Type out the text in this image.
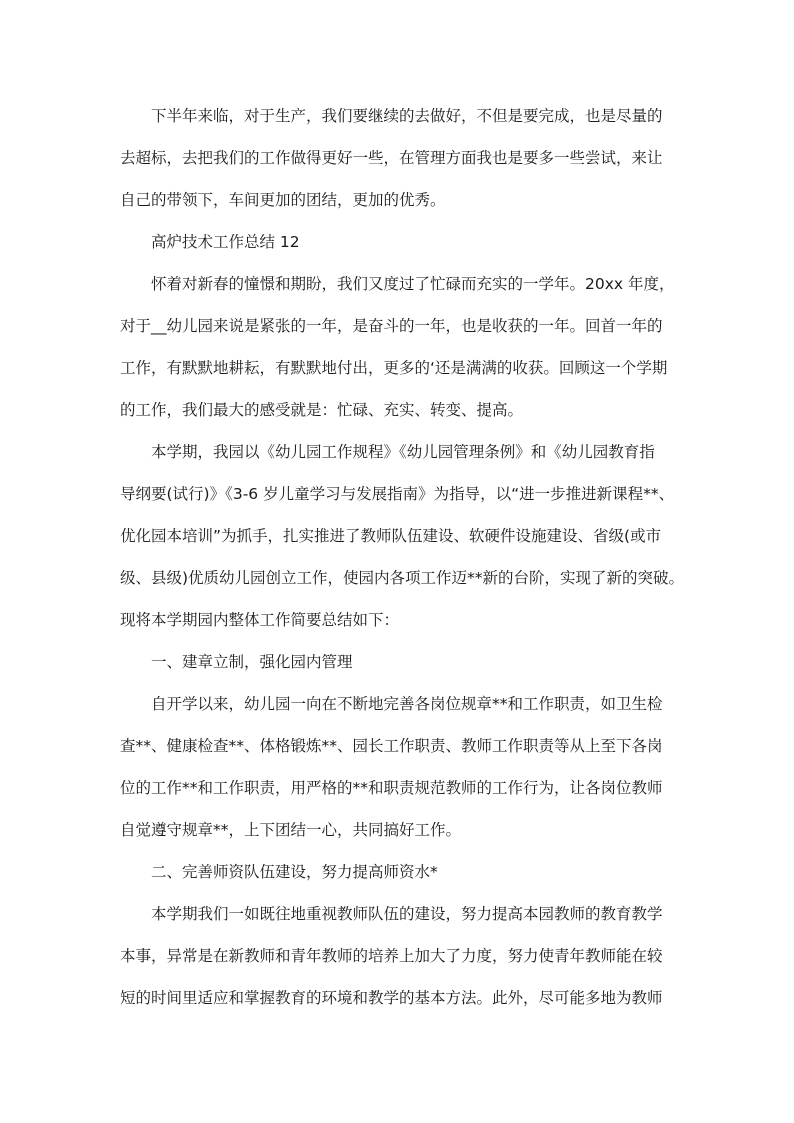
下半年来临，对于生产，我们要继续的去做好，不但是要完成，也是尽量的
去超标，去把我们的工作做得更好一些，在管理方面我也是要多一些尝试，来让
自己的带领下，车间更加的团结，更加的优秀。
高炉技术工作总结 12
怀着对新春的憧憬和期盼，我们又度过了忙碌而充实的一学年。20xx 年度，
对于__幼儿园来说是紧张的一年，是奋斗的一年，也是收获的一年。回首一年的
工作，有默默地耕耘，有默默地付出，更多的‘还是满满的收获。回顾这一个学期
的工作，我们最大的感受就是：忙碌、充实、转变、提高。
本学期，我园以《幼儿园工作规程》《幼儿园管理条例》和《幼儿园教育指
导纲要(试行)》《3-6 岁儿童学习与发展指南》为指导，以“进一步推进新课程**、
优化园本培训”为抓手，扎实推进了教师队伍建设、软硬件设施建设、省级(或市
级、县级)优质幼儿园创立工作，使园内各项工作迈**新的台阶，实现了新的突破。
现将本学期园内整体工作简要总结如下：
一、建章立制，强化园内管理
自开学以来，幼儿园一向在不断地完善各岗位规章**和工作职责，如卫生检
查**、健康检查**、体格锻炼**、园长工作职责、教师工作职责等从上至下各岗
位的工作**和工作职责，用严格的**和职责规范教师的工作行为，让各岗位教师
自觉遵守规章**，上下团结一心，共同搞好工作。
二、完善师资队伍建设，努力提高师资水*
本学期我们一如既往地重视教师队伍的建设，努力提高本园教师的教育教学
本事，异常是在新教师和青年教师的培养上加大了力度，努力使青年教师能在较
短的时间里适应和掌握教育的环境和教学的基本方法。此外，尽可能多地为教师
